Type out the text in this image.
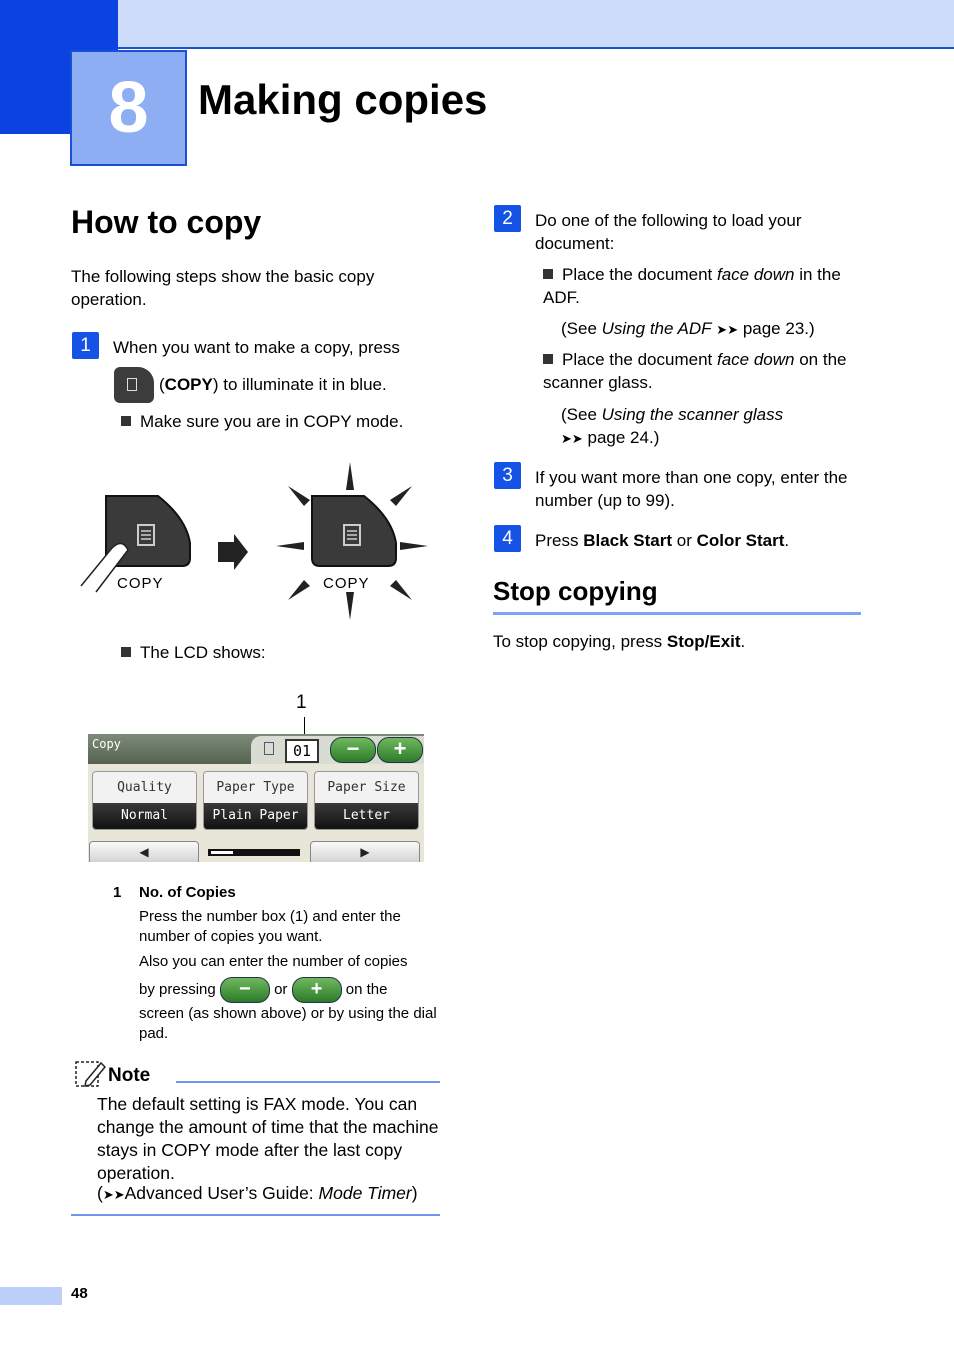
8	Making copies
How to copy
The following steps show the basic copy operation.
1	When you want to make a copy, press
(COPY) to illuminate it in blue.
Make sure you are in COPY mode.
COPY	COPY
The LCD shows:
1
Copy	01	−	+
Quality
Normal
Paper Type
Plain Paper
Paper Size
Letter
◀	▶
1 No. of Copies
Press the number box (1) and enter the number of copies you want.
Also you can enter the number of copies
by pressing − or + on the
screen (as shown above) or by using the dial pad.
Note
The default setting is FAX mode. You can change the amount of time that the machine stays in COPY mode after the last copy operation.
(➤➤Advanced User’s Guide: Mode Timer)
2	Do one of the following to load your document:
Place the document face down in the ADF.
(See Using the ADF ➤➤ page 23.)
Place the document face down on the scanner glass.
(See Using the scanner glass
➤➤ page 24.)
3	If you want more than one copy, enter the number (up to 99).
4	Press Black Start or Color Start.
Stop copying
To stop copying, press Stop/Exit.
48
